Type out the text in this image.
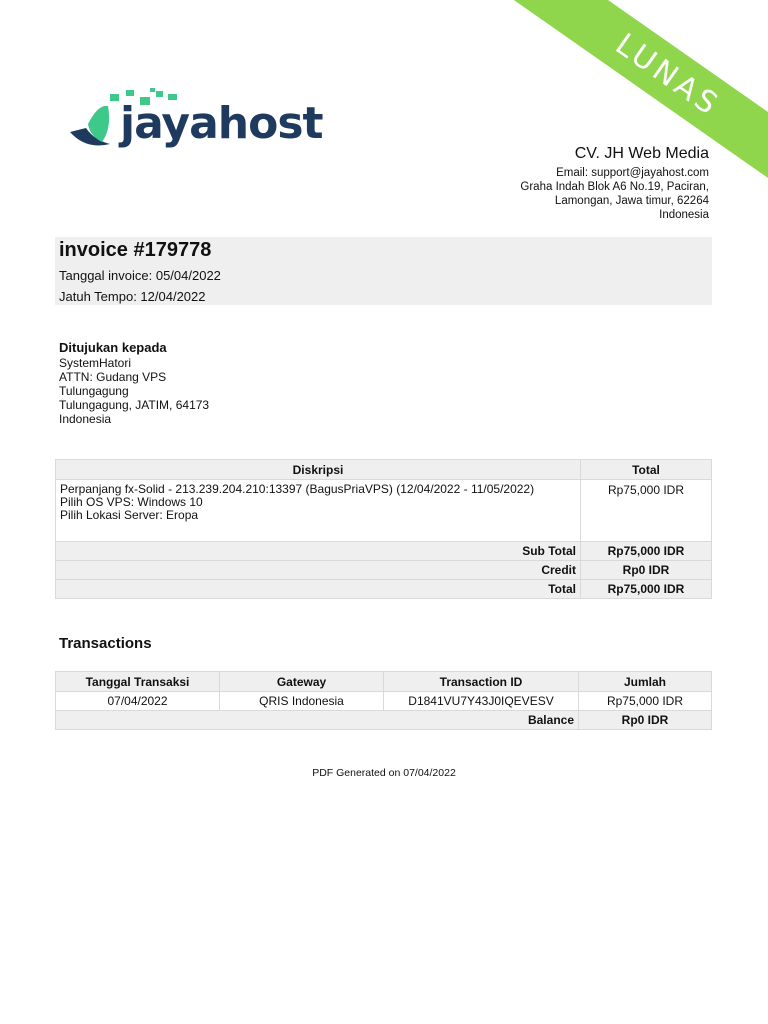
LUNAS
jayahost
CV. JH Web Media
Email: support@jayahost.com
Graha Indah Blok A6 No.19, Paciran,
Lamongan, Jawa timur, 62264
Indonesia
invoice #179778
Tanggal invoice: 05/04/2022
Jatuh Tempo: 12/04/2022
Ditujukan kepada
SystemHatori
ATTN: Gudang VPS
Tulungagung
Tulungagung, JATIM, 64173
Indonesia
Diskripsi	Total

Perpanjang fx-Solid - 213.239.204.210:13397 (BagusPriaVPS) (12/04/2022 - 11/05/2022)
Pilih OS VPS: Windows 10
Pilih Lokasi Server: Eropa	Rp75,000 IDR
Sub Total	Rp75,000 IDR
Credit	Rp0 IDR
Total	Rp75,000 IDR
Transactions
Tanggal Transaksi	Gateway	Transaction ID	Jumlah
07/04/2022	QRIS Indonesia	D1841VU7Y43J0IQEVESV	Rp75,000 IDR
Balance			Rp0 IDR
PDF Generated on 07/04/2022
